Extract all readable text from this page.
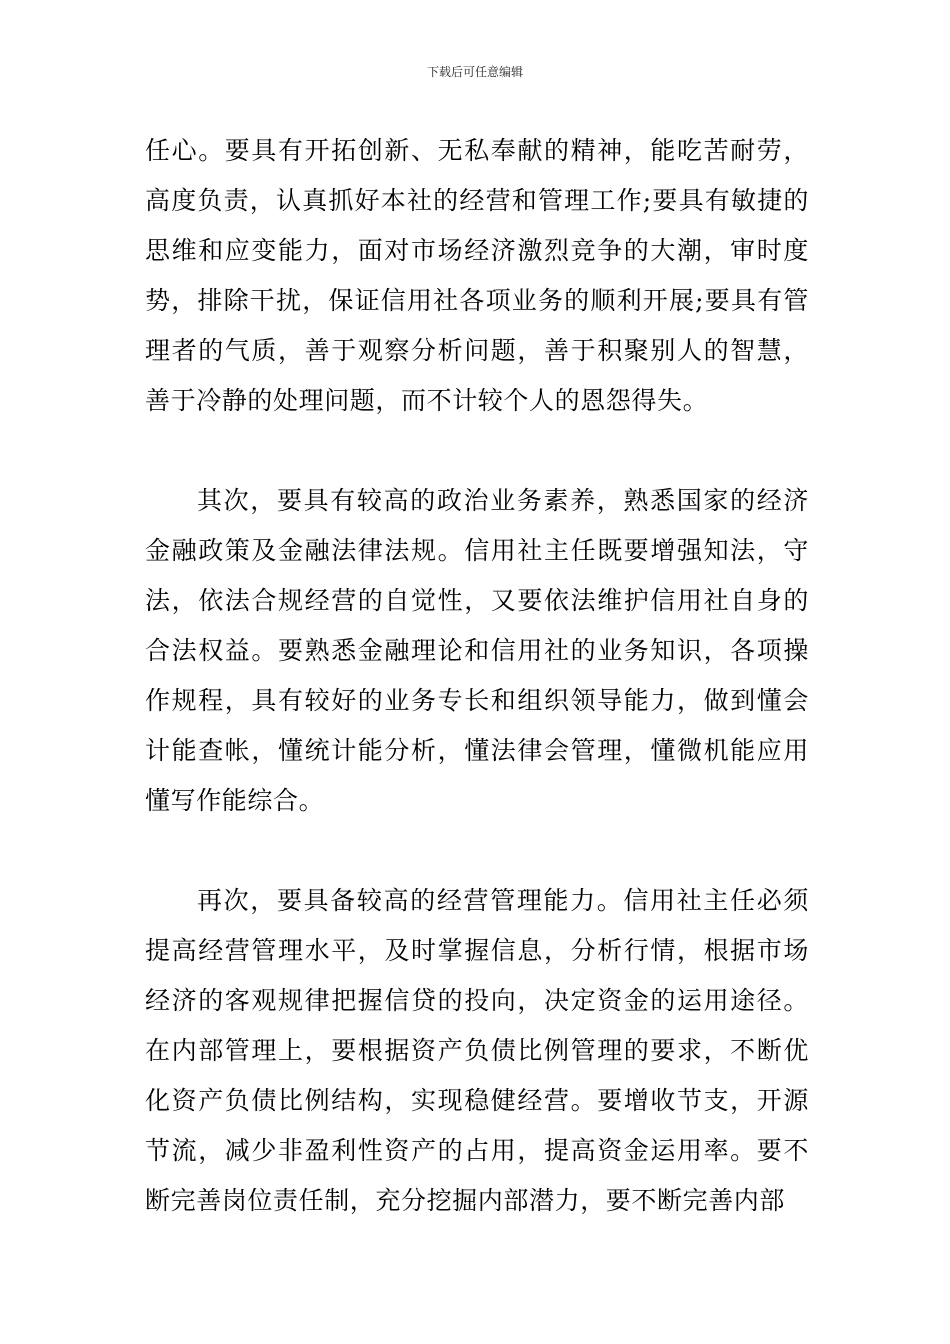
下载后可任意编辑

任心。要具有开拓创新、无私奉献的精神，能吃苦耐劳，高度负责，认真抓好本社的经营和管理工作;要具有敏捷的思维和应变能力，面对市场经济激烈竞争的大潮，审时度势，排除干扰，保证信用社各项业务的顺利开展;要具有管理者的气质，善于观察分析问题，善于积聚别人的智慧，善于冷静的处理问题，而不计较个人的恩怨得失。

其次，要具有较高的政治业务素养，熟悉国家的经济金融政策及金融法律法规。信用社主任既要增强知法，守法，依法合规经营的自觉性，又要依法维护信用社自身的合法权益。要熟悉金融理论和信用社的业务知识，各项操作规程，具有较好的业务专长和组织领导能力，做到懂会计能查帐，懂统计能分析，懂法律会管理，懂微机能应用懂写作能综合。

再次，要具备较高的经营管理能力。信用社主任必须提高经营管理水平，及时掌握信息，分析行情，根据市场经济的客观规律把握信贷的投向，决定资金的运用途径。在内部管理上，要根据资产负债比例管理的要求，不断优化资产负债比例结构，实现稳健经营。要增收节支，开源节流，减少非盈利性资产的占用，提高资金运用率。要不断完善岗位责任制，充分挖掘内部潜力，要不断完善内部
